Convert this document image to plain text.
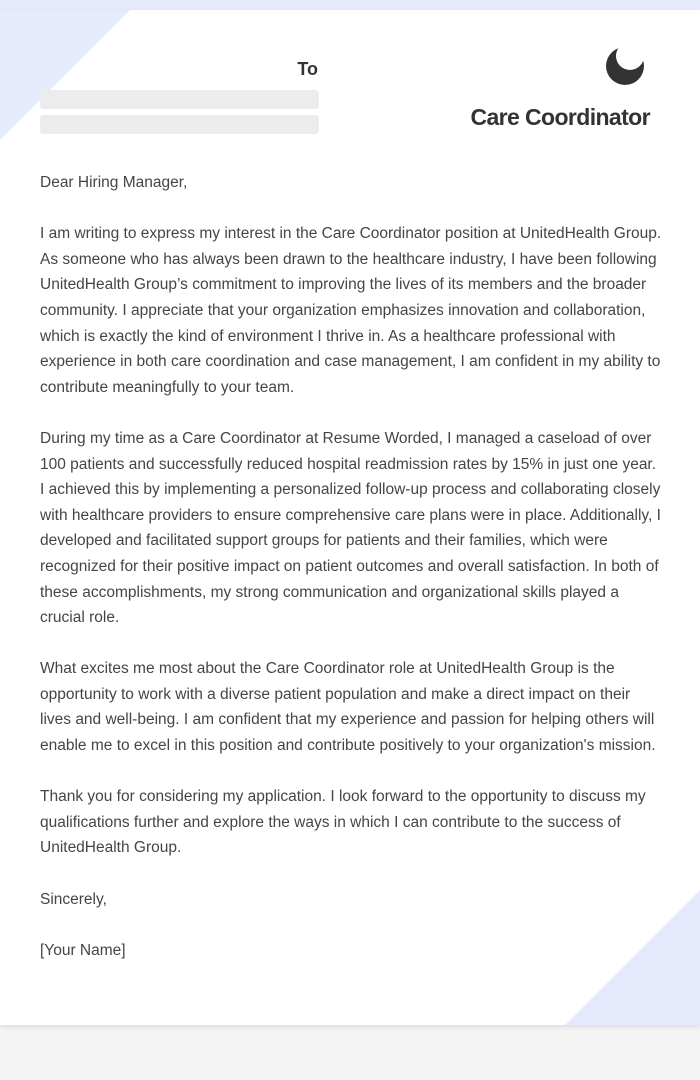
To
Care Coordinator

Dear Hiring Manager,

I am writing to express my interest in the Care Coordinator position at UnitedHealth Group. As someone who has always been drawn to the healthcare industry, I have been following UnitedHealth Group’s commitment to improving the lives of its members and the broader community. I appreciate that your organization emphasizes innovation and collaboration, which is exactly the kind of environment I thrive in. As a healthcare professional with experience in both care coordination and case management, I am confident in my ability to contribute meaningfully to your team.

During my time as a Care Coordinator at Resume Worded, I managed a caseload of over 100 patients and successfully reduced hospital readmission rates by 15% in just one year. I achieved this by implementing a personalized follow-up process and collaborating closely with healthcare providers to ensure comprehensive care plans were in place. Additionally, I developed and facilitated support groups for patients and their families, which were recognized for their positive impact on patient outcomes and overall satisfaction. In both of these accomplishments, my strong communication and organizational skills played a crucial role.

What excites me most about the Care Coordinator role at UnitedHealth Group is the opportunity to work with a diverse patient population and make a direct impact on their lives and well-being. I am confident that my experience and passion for helping others will enable me to excel in this position and contribute positively to your organization's mission.

Thank you for considering my application. I look forward to the opportunity to discuss my qualifications further and explore the ways in which I can contribute to the success of UnitedHealth Group.

Sincerely,

[Your Name]
